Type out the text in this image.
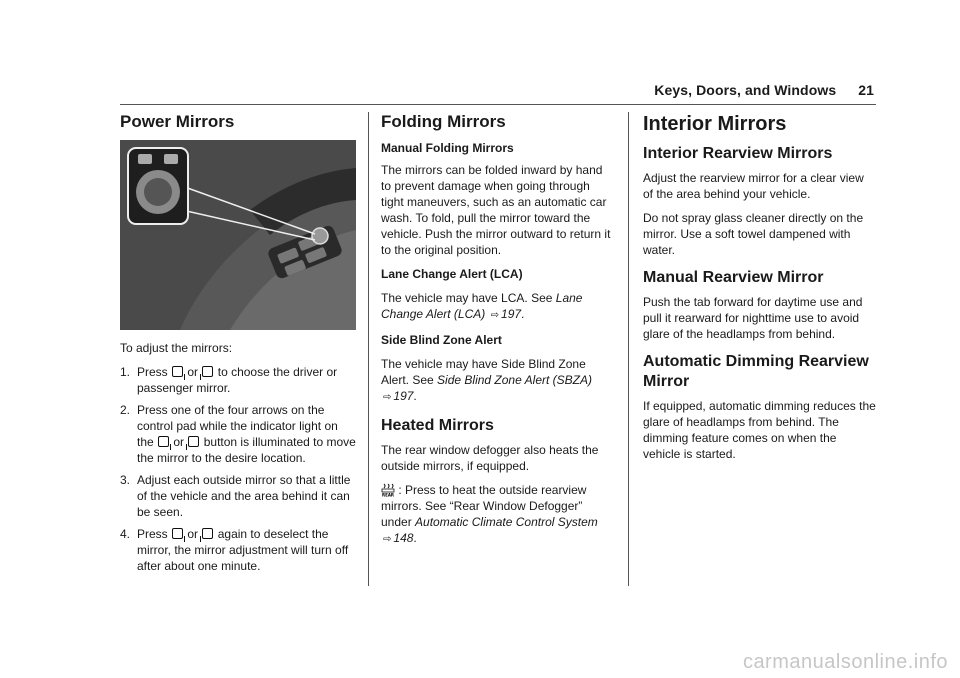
Keys, Doors, and Windows 21
Power Mirrors

To adjust the mirrors:

1. Press or to choose the driver or passenger mirror.
2. Press one of the four arrows on the control pad while the indicator light on the or button is illuminated to move the mirror to the desire location.
3. Adjust each outside mirror so that a little of the vehicle and the area behind it can be seen.
4. Press or again to deselect the mirror, the mirror adjustment will turn off after about one minute.
Folding Mirrors
Manual Folding Mirrors

The mirrors can be folded inward by hand to prevent damage when going through tight maneuvers, such as an automatic car wash. To fold, pull the mirror toward the vehicle. Push the mirror outward to return it to the original position.

Lane Change Alert (LCA)

The vehicle may have LCA. See Lane Change Alert (LCA) ⇨ 197.

Side Blind Zone Alert

The vehicle may have Side Blind Zone Alert. See Side Blind Zone Alert (SBZA) ⇨ 197.

Heated Mirrors

The rear window defogger also heats the outside mirrors, if equipped.

REAR : Press to heat the outside rearview mirrors. See “Rear Window Defogger” under Automatic Climate Control System ⇨ 148.

Interior Mirrors
Interior Rearview Mirrors

Adjust the rearview mirror for a clear view of the area behind your vehicle.

Do not spray glass cleaner directly on the mirror. Use a soft towel dampened with water.

Manual Rearview Mirror

Push the tab forward for daytime use and pull it rearward for nighttime use to avoid glare of the headlamps from behind.

Automatic Dimming Rearview Mirror

If equipped, automatic dimming reduces the glare of headlamps from behind. The dimming feature comes on when the vehicle is started.

carmanualsonline.info
